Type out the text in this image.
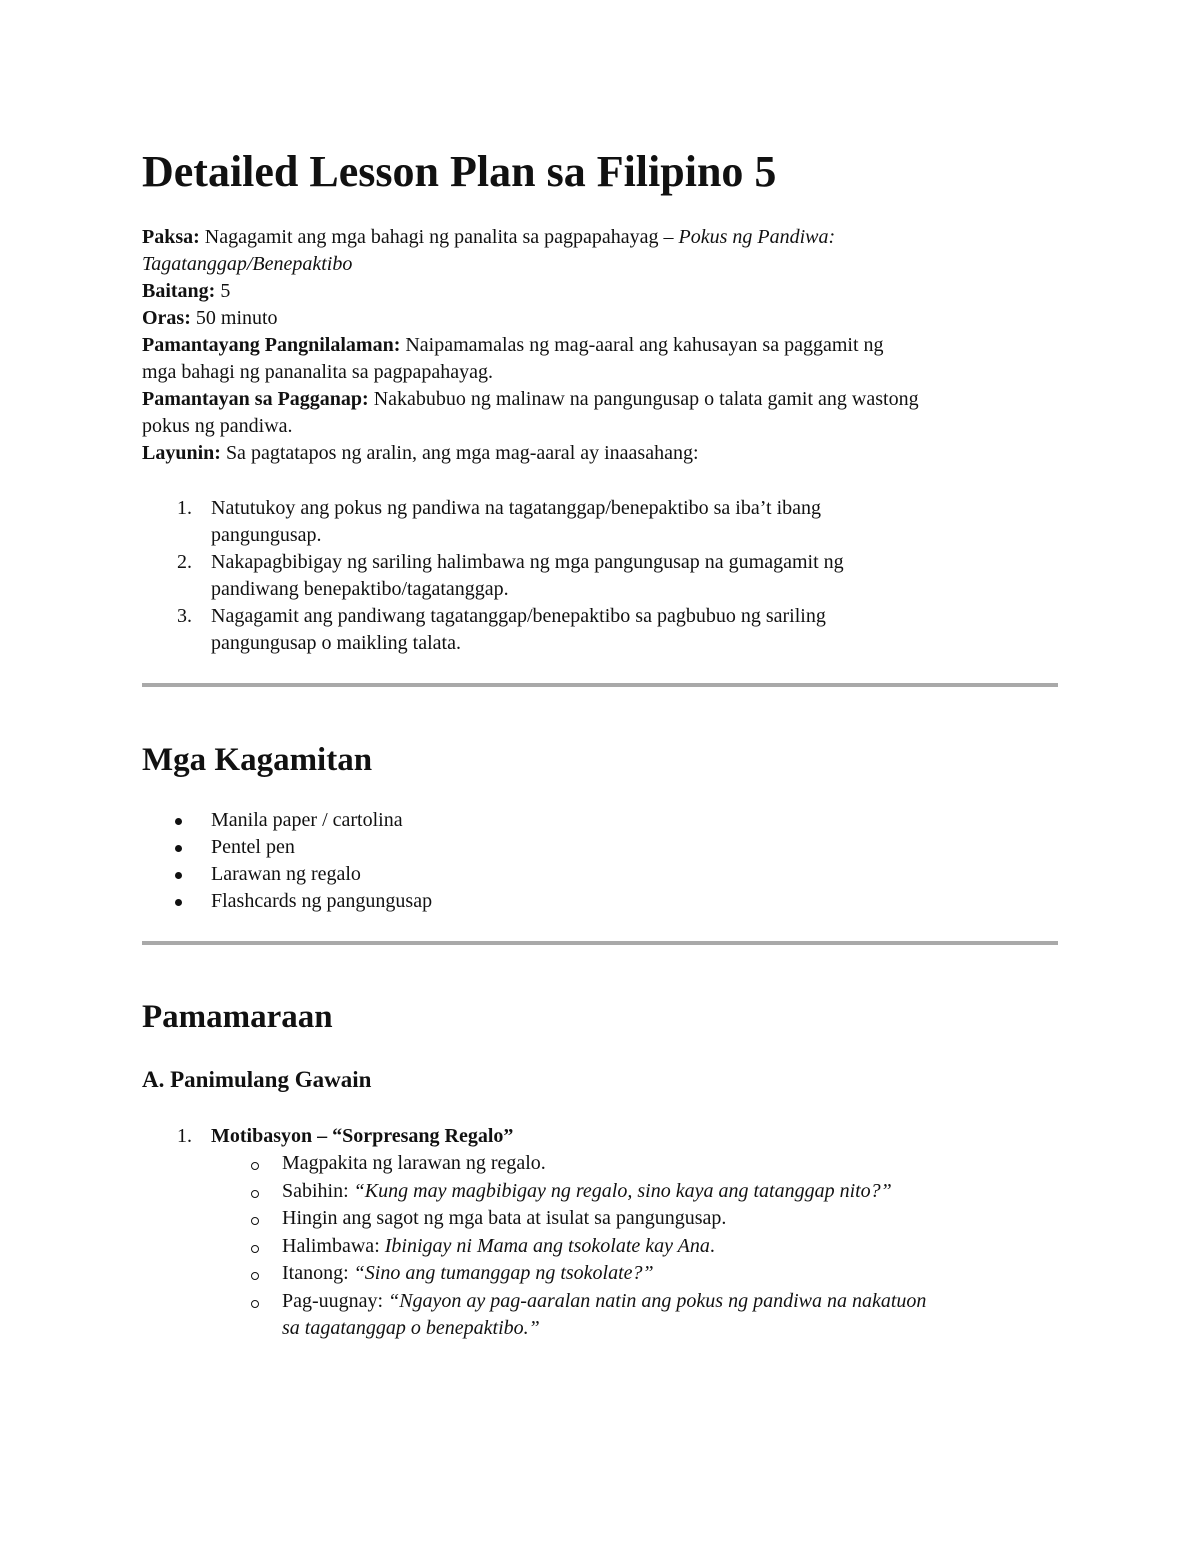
Detailed Lesson Plan sa Filipino 5
Paksa: Nagagamit ang mga bahagi ng panalita sa pagpapahayag – Pokus ng Pandiwa:
Tagatanggap/Benepaktibo
Baitang: 5
Oras: 50 minuto
Pamantayang Pangnilalaman: Naipamamalas ng mag-aaral ang kahusayan sa paggamit ng
mga bahagi ng pananalita sa pagpapahayag.
Pamantayan sa Pagganap: Nakabubuo ng malinaw na pangungusap o talata gamit ang wastong
pokus ng pandiwa.
Layunin: Sa pagtatapos ng aralin, ang mga mag-aaral ay inaasahang:
1. Natutukoy ang pokus ng pandiwa na tagatanggap/benepaktibo sa iba’t ibang
pangungusap.
2. Nakapagbibigay ng sariling halimbawa ng mga pangungusap na gumagamit ng
pandiwang benepaktibo/tagatanggap.
3. Nagagamit ang pandiwang tagatanggap/benepaktibo sa pagbubuo ng sariling
pangungusap o maikling talata.
Mga Kagamitan
Manila paper / cartolina
Pentel pen
Larawan ng regalo
Flashcards ng pangungusap
Pamamaraan
A. Panimulang Gawain
1. Motibasyon – “Sorpresang Regalo”
Magpakita ng larawan ng regalo.
Sabihin: “Kung may magbibigay ng regalo, sino kaya ang tatanggap nito?”
Hingin ang sagot ng mga bata at isulat sa pangungusap.
Halimbawa: Ibinigay ni Mama ang tsokolate kay Ana.
Itanong: “Sino ang tumanggap ng tsokolate?”
Pag-uugnay: “Ngayon ay pag-aaralan natin ang pokus ng pandiwa na nakatuon
sa tagatanggap o benepaktibo.”
